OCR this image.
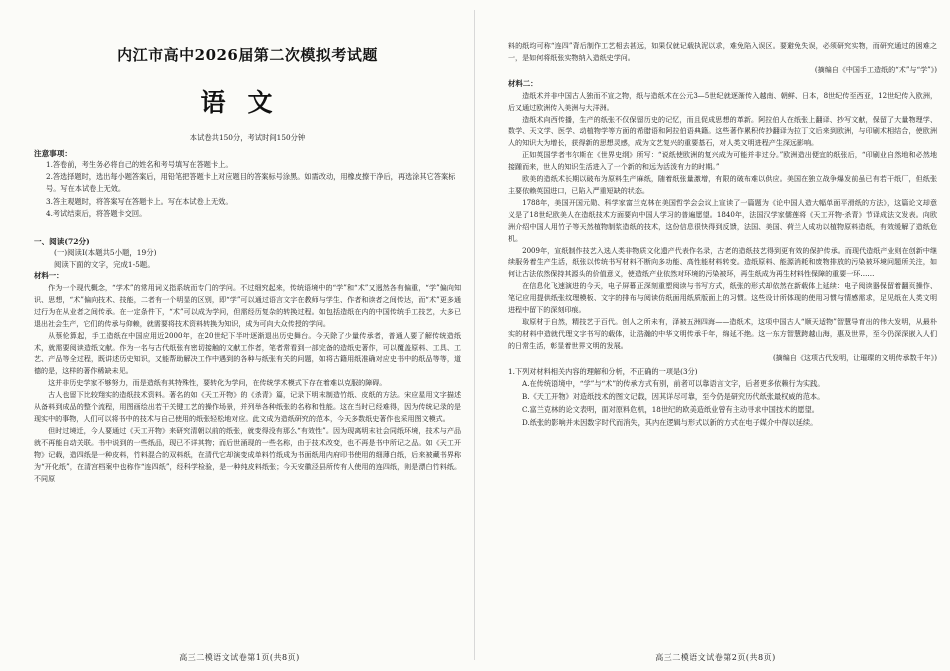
内江市高中2026届第二次模拟考试题
语文
本试卷共150分，考试时间150分钟
注意事项：
1.答卷前，考生务必将自己的姓名和考号填写在答题卡上。
2.答选择题时，选出每小题答案后，用铅笔把答题卡上对应题目的答案标号涂黑。如需改动，用橡皮擦干净后，再选涂其它答案标号。写在本试卷上无效。
3.答主观题时，将答案写在答题卡上。写在本试卷上无效。
4.考试结束后，将答题卡交回。
一、阅读(72分)
(一)阅读Ⅰ(本题共5小题，19分)
阅读下面的文字，完成1-5题。
材料一：

作为一个现代概念，“学术”的常用词义指系统而专门的学问。不过细究起来，传统语境中的“学”和“术”又迥然各有偏重，“学”偏向知识、思想，“术”偏向技术、技能，二者有一个明显的区别，即“学”可以通过语言文字在教师与学生、作者和读者之间传达，而“术”更多通过行为在从业者之间传承。在一定条件下，“术”可以成为学问，但需经历复杂的转换过程。如包括造纸在内的中国传统手工技艺，大多已退出社会生产，它们的传承与仰赖，就需要将技术资料转换为知识，成为可向大众传授的学问。

从蔡伦算起，手工造纸在中国应用近2000年，在20世纪下半叶逐渐退出历史舞台。今天除了少量传承者，普通人要了解传统造纸术，就需要阅读造纸文献。作为一名与古代纸张有密切接触的文献工作者，笔者常看到一部完备的造纸史著作，可以覆盖原料、工具、工艺、产品等全过程，既讲述历史知识，又能帮助解决工作中遇到的各种与纸张有关的问题，如将古籍用纸准确对应史书中的纸品等等，道德的是，这样的著作稀缺未见。

这并非历史学家不够努力，而是造纸有其特殊性，要转化为学问，在传统学术模式下存在着难以克服的障碍。

古人也留下比较翔实的造纸技术资料。著名的如《天工开物》的《杀青》篇，记录下明末制造竹纸、皮纸的方法。宋应星用文字描述从备料到成品的整个流程，用图画绘出若干关键工艺的操作场景，并列举各种纸张的名称和性能。这在当时已经难得，因为传统记录的是现实中的事物，人们可以将书中的技术与自己使用的纸张轻松地对应。此文成为造纸研究的范本，今天多数纸史著作也采用图文模式。

但时过境迁，今人要通过《天工开物》来研究清朝以前的纸张，就变得没有那么“有效性”。因为现离明末社会同纸环境，技术与产品就不再能自动关联。书中说到的一些纸品，现已不详其物；而后世涌现的一些名称，由于技术改变，也不再是书中所记之品。如《天工开物》记载，造四纸是一种皮料，竹料混合的双料纸，在清代它却演变成单料竹纸成为书面纸用内府印书使用的细薄白纸，后来被藏书界称为“开化纸”，在清宫档案中也称作“连四纸”，经科学检验，是一种纯皮料纸张；今天安徽泾县所传有人使用的连四纸，则是漂白竹料纸。不同原

高三二模语文试卷第1页(共8页)

料的纸均可称“连四”背后制作工艺相去甚远，如果仅就记载执泥以求，难免陷入误区。要避免失误，必须研究实物，而研究通过的困难之一，是如何将纸张实物纳入造纸史学问。

(摘编自《中国手工造纸的“术”与“学”》)

材料二：

造纸术并非中国古人独而不宣之物，纸与造纸术在公元3—5世纪就逐渐传入越南、朝鲜、日本，8世纪传至西亚，12世纪传入欧洲，后又通过欧洲传入美洲与大洋洲。

造纸术向西传播，生产的纸张不仅保留历史的记忆，而且促成思想的革新。阿拉伯人在纸张上翻译、抄写文献，保留了大量物理学、数学、天文学、医学、动植物学等方面的希腊语和阿拉伯语典籍。这些著作累积传抄翻译为拉丁文后来到欧洲，与印刷术相结合，使欧洲人的知识大为增长，获得新的思想灵感，成为文艺复兴的重要基石，对人类文明进程产生深远影响。

正如英国学者韦尔斯在《世界史纲》所写：“说纸使欧洲的复兴成为可能并非过分。”欧洲造出便宜的纸张后，“印刷业自然地和必然地接踵而来，世人的知识生活进入了一个新的和远为活泼有力的时期。”

欧美的造纸术长期以破布为原料生产麻纸，随着纸张量激增，有限的破布难以供应。美国在独立战争爆发前虽已有若干纸厂，但纸张主要依赖英国进口，已陷入严重短缺的状态。

1788年，美国开国元勋、科学家富兰克林在美国哲学会会议上宣读了一篇题为《论中国人造大幅单面平滑纸的方法》，这篇论文却意义是了18世纪欧美人在造纸技术方面要向中国人学习的普遍愿望。1840年，法国汉学家儒莲将《天工开物·杀青》节译成法文发表。向欧洲介绍中国人用竹子等天然植物制浆造纸的技术，这份信息很快得到反馈，法国、美国、荷兰人成功以植物原料造纸，有效缓解了造纸危机。

2009年，宣纸制作技艺入选人类非物质文化遗产代表作名录，古老的造纸技艺得到更有效的保护传承。而现代造纸产业则在创新中继续服务着生产生活，纸张以传统书写材料不断向多功能、高性能材料转变。造纸原料、能源消耗和废物排放的污染被环境问题所关注，如何让古法依然保持其源头的价值意义，使造纸产业依然对环境的污染被环，再生纸成为再生材料性保障的重要一环……

在信息化飞速演进的今天，电子屏幕正深刻重塑阅读与书写方式，纸张的形式却依然在新载体上延续：电子阅读器保留着翻页操作、笔记应用提供纸张纹理模板、文字的排布与阅读仿纸面用纸质版面上的习惯。这些设计所体现的使用习惯与情感需求，足见纸在人类文明进程中留下的深刻印痕。

取原材于自然，精技艺于百代。创人之所未有，泽被五洲四海——造纸术，这项中国古人“顺天适物”智慧导育出的伟大发明，从最朴实的材料中造就代理文字书写的载体，让浩瀚的中华文明传承千年，绵延不绝。这一东方智慧跨越山海，惠及世界，至今仍深深嵌入人们的日常生活，彰显着世界文明的发展。

(摘编自《这项古代发明，让璀璨的文明传承数千年》)

1.下列对材料相关内容的理解和分析，不正确的一项是(3分)

A.在传统语境中，“学”与“术”的传承方式有别，前者可以靠语言文字，后者更多依赖行为实践。

B.《天工开物》对造纸技术的图文记载，因其详尽可靠，至今仍是研究历代纸张最权威的范本。

C.富兰克林的论文表明，面对原料危机，18世纪的欧美造纸业曾有主动寻求中国技术的愿望。

D.纸张的影响并未因数字时代而消失，其内在逻辑与形式以新的方式在电子媒介中得以延续。

高三二模语文试卷第2页(共8页)
